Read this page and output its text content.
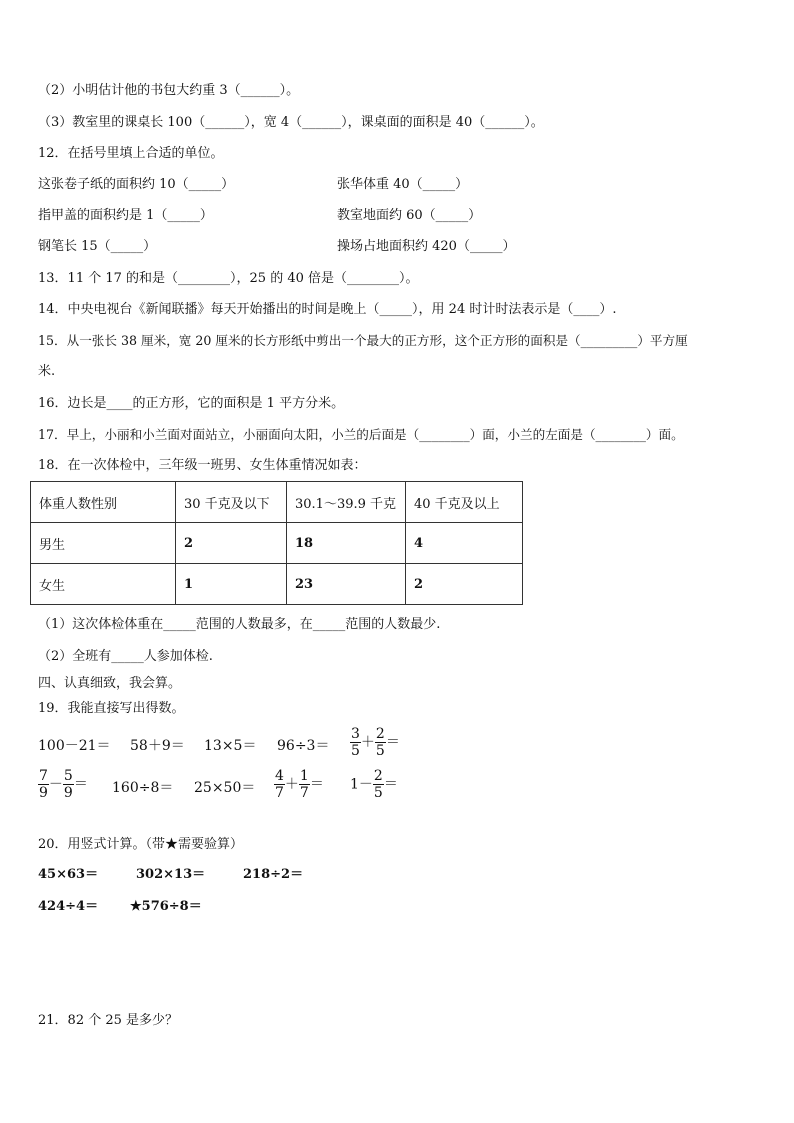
（2）小明估计他的书包大约重 3（______）。
（3）教室里的课桌长 100（______），宽 4（______），课桌面的面积是 40（______）。
12．在括号里填上合适的单位。
这张卷子纸的面积约 10（_____）	张华体重 40（_____）
指甲盖的面积约是 1（_____）	教室地面约 60（_____）
钢笔长 15（_____）	操场占地面积约 420（_____）
13．11 个 17 的和是（________），25 的 40 倍是（________）。
14．中央电视台《新闻联播》每天开始播出的时间是晚上（_____），用 24 时计时法表示是（____）.
15．从一张长 38 厘米，宽 20 厘米的长方形纸中剪出一个最大的正方形，这个正方形的面积是（_________）平方厘
米.
16．边长是____的正方形，它的面积是 1 平方分米。
17．早上，小丽和小兰面对面站立，小丽面向太阳，小兰的后面是（________）面，小兰的左面是（________）面。
18．在一次体检中，三年级一班男、女生体重情况如表：
体重人数性别	30 千克及以下	30.1～39.9 千克	40 千克及以上
男生	2	18	4
女生	1	23	2
（1）这次体检体重在_____范围的人数最多，在_____范围的人数最少.
（2）全班有_____人参加体检.
四、认真细致，我会算。
19．我能直接写出得数。
$100-21= 58+9= 13\times 5= 96\div 3= \frac{3}{5} + \frac{2}{5}$ ＝
$\frac{7}{9} - \frac{5}{9} = 160\div 8= 25\times 50= \frac{4}{7} + \frac{1}{7} = 1- \frac{2}{5}$ ＝
20．用竖式计算。（带★需要验算）
45×63＝	302×13＝	218÷2＝
424÷4＝ ★576÷8＝
21．82 个 25 是多少？
